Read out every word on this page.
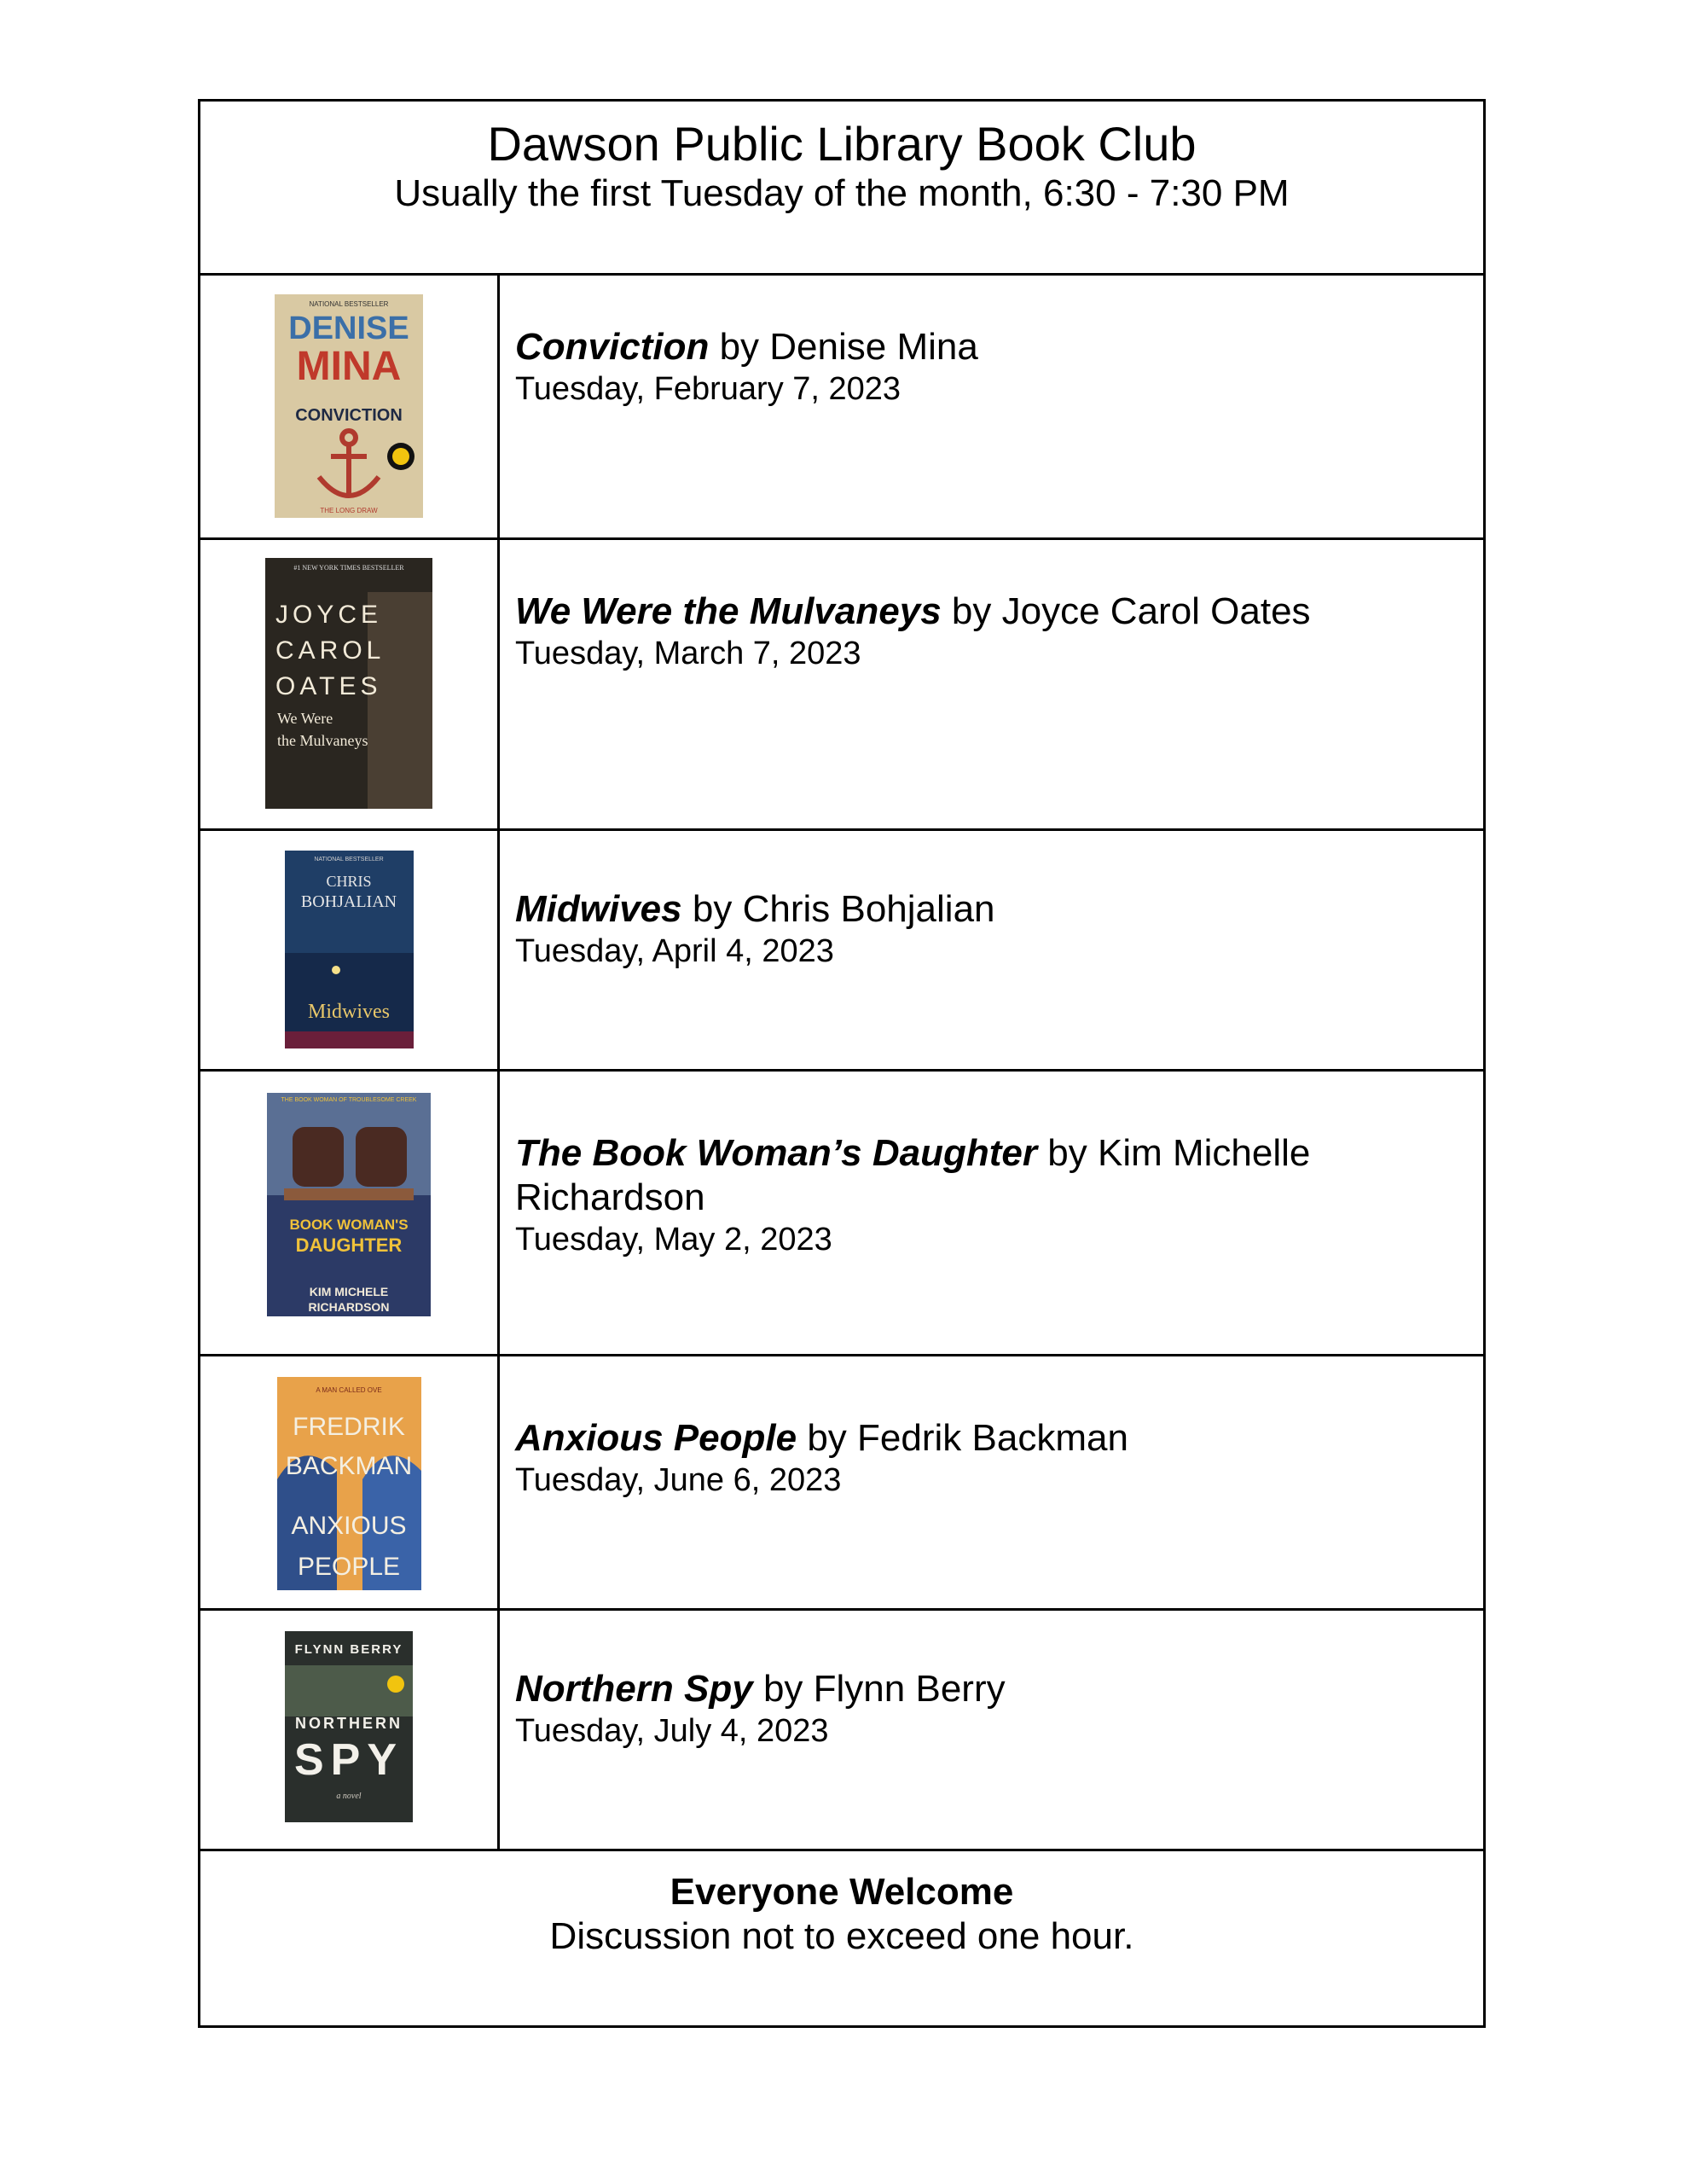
Dawson Public Library Book Club
Usually the first Tuesday of the month, 6:30 - 7:30 PM
NATIONAL BESTSELLER
DENISE
MINA
CONVICTION
THE LONG DRAW
Conviction by Denise Mina
Tuesday, February 7, 2023
#1 NEW YORK TIMES BESTSELLER
JOYCE
CAROL
OATES
We Were
the Mulvaneys
We Were the Mulvaneys by Joyce Carol Oates
Tuesday, March 7, 2023
NATIONAL BESTSELLER
CHRIS
BOHJALIAN
Midwives
Midwives by Chris Bohjalian
Tuesday, April 4, 2023
THE BOOK WOMAN OF TROUBLESOME CREEK
BOOK WOMAN'S
DAUGHTER
KIM MICHELE
RICHARDSON
The Book Woman’s Daughter by Kim Michelle Richardson
Tuesday, May 2, 2023
A MAN CALLED OVE
FREDRIK
BACKMAN
ANXIOUS
PEOPLE
Anxious People by Fedrik Backman
Tuesday, June 6, 2023
FLYNN BERRY
NORTHERN
SPY
a novel
Northern Spy by Flynn Berry
Tuesday, July 4, 2023
Everyone Welcome
Discussion not to exceed one hour.
